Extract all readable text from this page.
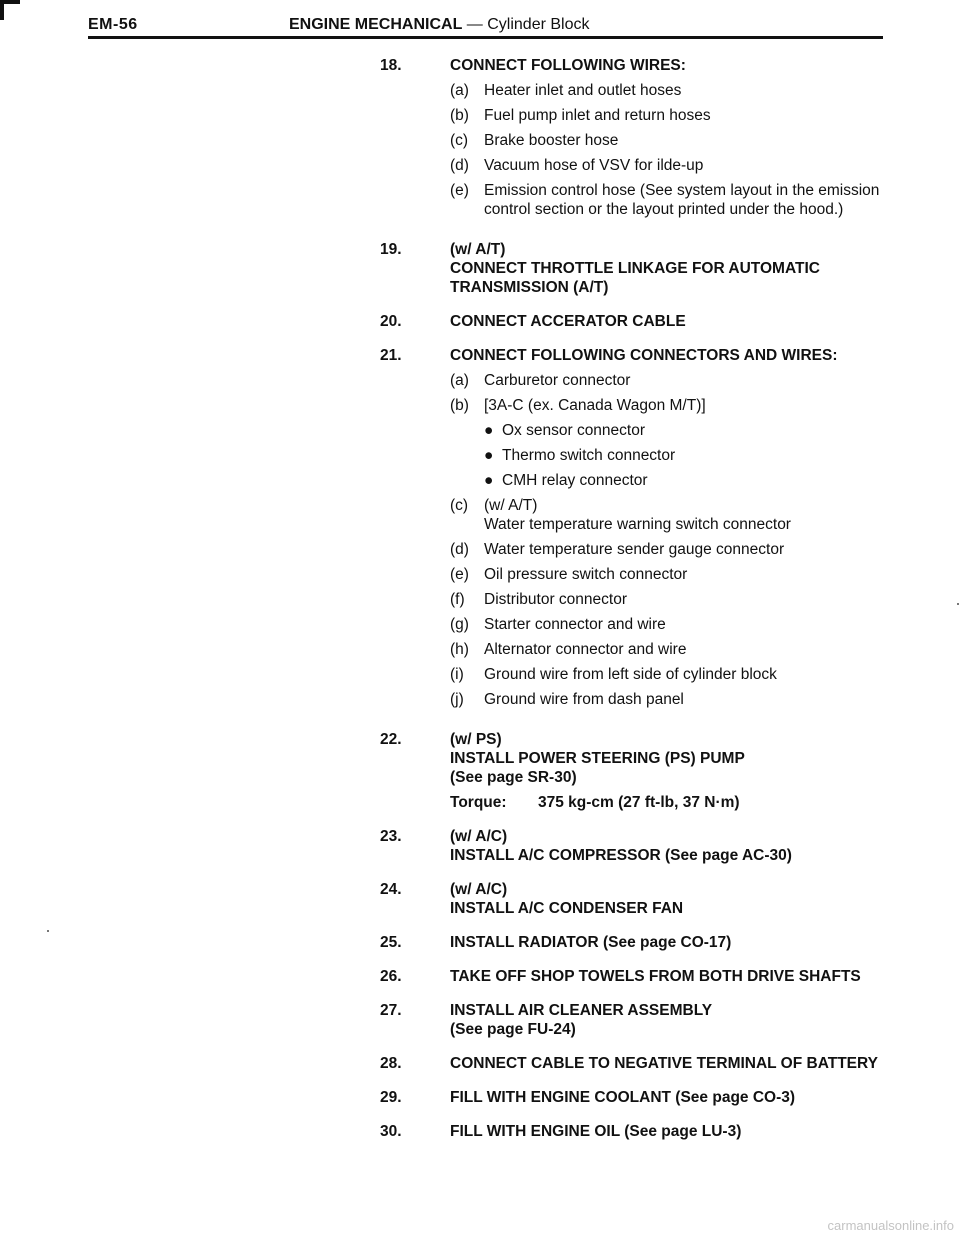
EM-56	ENGINE MECHANICAL — Cylinder Block
18.	CONNECT FOLLOWING WIRES:
(a) Heater inlet and outlet hoses
(b) Fuel pump inlet and return hoses
(c)	Brake booster hose
(d) Vacuum hose of VSV for ilde-up
(e) Emission control hose (See system layout in the emission control section or the layout printed under the hood.)
19.	(w/ A/T)
CONNECT THROTTLE LINKAGE FOR AUTOMATIC TRANSMISSION (A/T)
20.	CONNECT ACCERATOR CABLE
21.	CONNECT FOLLOWING CONNECTORS AND WIRES:
(a) Carburetor connector
(b) [3A-C (ex. Canada Wagon M/T)]
● Ox sensor connector
● Thermo switch connector
● CMH relay connector
(c)	(w/ A/T)
Water temperature warning switch connector
(d) Water temperature sender gauge connector
(e) Oil pressure switch connector
(f)	Distributor connector
(g) Starter connector and wire
(h) Alternator connector and wire
(i)	Ground wire from left side of cylinder block
(j)	Ground wire from dash panel
22.	(w/ PS)
INSTALL POWER STEERING (PS) PUMP
(See page SR-30)
Torque: 375 kg-cm (27 ft-lb, 37 N·m)
23.	(w/ A/C)
INSTALL A/C COMPRESSOR (See page AC-30)
24.	(w/ A/C)
INSTALL A/C CONDENSER FAN
25.	INSTALL RADIATOR (See page CO-17)
26.	TAKE OFF SHOP TOWELS FROM BOTH DRIVE SHAFTS
27.	INSTALL AIR CLEANER ASSEMBLY
(See page FU-24)
28.	CONNECT CABLE TO NEGATIVE TERMINAL OF BATTERY
29.	FILL WITH ENGINE COOLANT (See page CO-3)
30.	FILL WITH ENGINE OIL (See page LU-3)
carmanualsonline.info
